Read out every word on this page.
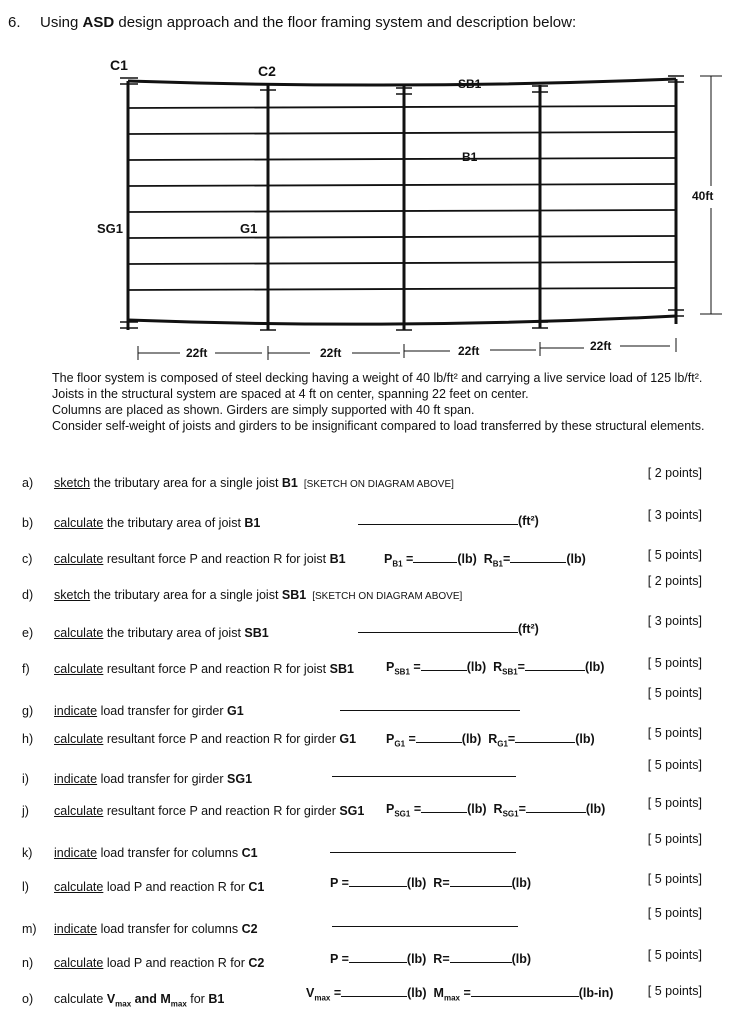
6. Using ASD design approach and the floor framing system and description below:
C1	C2
SB1
B1
SG1	G1
40ft
22ft	22ft	22ft	22ft
The floor system is composed of steel decking having a weight of 40 lb/ft² and carrying a live service load of 125 lb/ft².
Joists in the structural system are spaced at 4 ft on center, spanning 22 feet on center.
Columns are placed as shown. Girders are simply supported with 40 ft span.
Consider self-weight of joists and girders to be insignificant compared to load transferred by these structural elements.
a) sketch the tributary area for a single joist B1 [SKETCH ON DIAGRAM ABOVE]
[ 2 points]
b) calculate the tributary area of joist B1	(ft²)	[ 3 points]
c) calculate resultant force P and reaction R for joist B1	$P_{B1}$ =	(lb) $R_{B1}=$	(lb)	[ 5 points]
d) sketch the tributary area for a single joist SB1 [SKETCH ON DIAGRAM ABOVE]
[ 2 points]
e) calculate the tributary area of joist SB1	(ft²)
[ 3 points]
f) calculate resultant force P and reaction R for joist SB1	$P_{SB1}$ =	(lb) $R_{SB1}=$	(lb)	[ 5 points]
g) indicate load transfer for girder G1
[ 5 points]
h) calculate resultant force P and reaction R for girder G1 $P_{G1}$ =	(lb) $R_{G1}=$	(lb)	[ 5 points]
i) indicate load transfer for girder SG1
[ 5 points]
j) calculate resultant force P and reaction R for girder SG1 $P_{SG1}$ =	(lb) $R_{SG1}=$	(lb)	[ 5 points]
k) indicate load transfer for columns C1
[ 5 points]
l) calculate load P and reaction R for C1	P =	(lb) R=	(lb)	[ 5 points]
m) indicate load transfer for columns C2
[ 5 points]
n) calculate load P and reaction R for C2	P =	(lb) R=	(lb)	[ 5 points]
o) calculate $V_{max}$ and $M_{max}$ for B1	$V_{max}$ =	(lb) $M_{max}$ =	(lb-in)	[ 5 points]
